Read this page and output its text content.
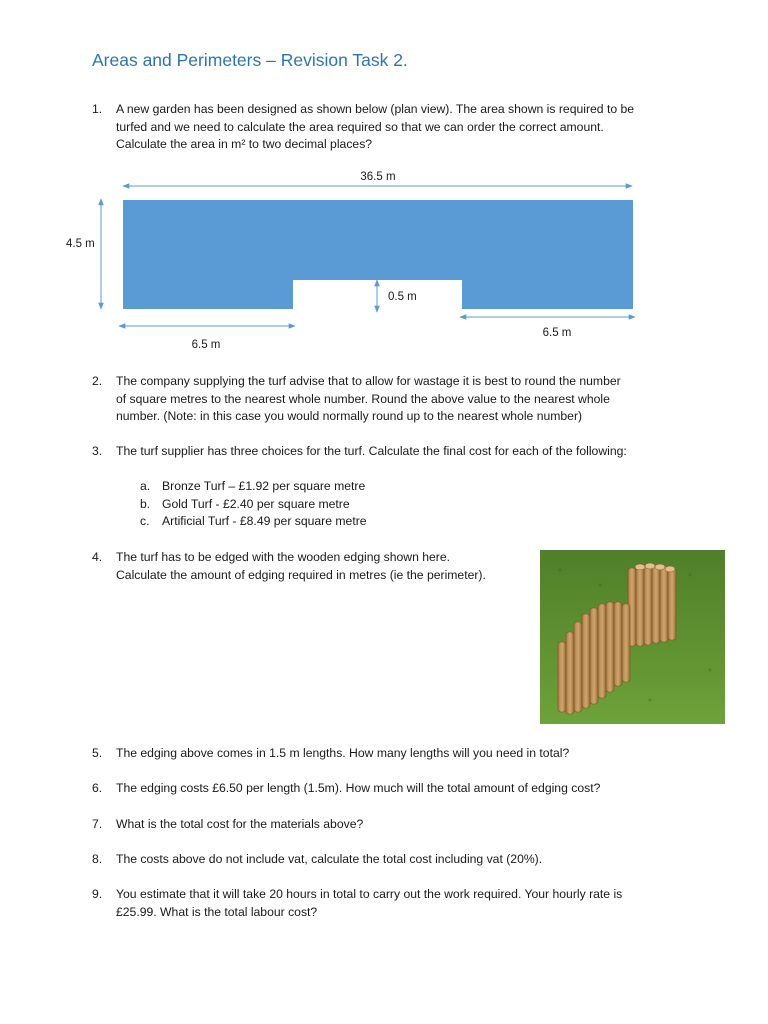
Areas and Perimeters – Revision Task 2.
1.	A new garden has been designed as shown below (plan view). The area shown is required to be
turfed and we need to calculate the area required so that we can order the correct amount.
Calculate the area in m² to two decimal places?
36.5 m
4.5 m
0.5 m
6.5 m
6.5 m
2.	The company supplying the turf advise that to allow for wastage it is best to round the number
of square metres to the nearest whole number. Round the above value to the nearest whole
number. (Note: in this case you would normally round up to the nearest whole number)
3.	The turf supplier has three choices for the turf. Calculate the final cost for each of the following:
a. Bronze Turf – £1.92 per square metre
b. Gold Turf - £2.40 per square metre
c. Artificial Turf - £8.49 per square metre
4.	The turf has to be edged with the wooden edging shown here.
Calculate the amount of edging required in metres (ie the perimeter).
5.	The edging above comes in 1.5 m lengths. How many lengths will you need in total?
6.	The edging costs £6.50 per length (1.5m). How much will the total amount of edging cost?
7.	What is the total cost for the materials above?
8.	The costs above do not include vat, calculate the total cost including vat (20%).
9.	You estimate that it will take 20 hours in total to carry out the work required. Your hourly rate is
£25.99. What is the total labour cost?
